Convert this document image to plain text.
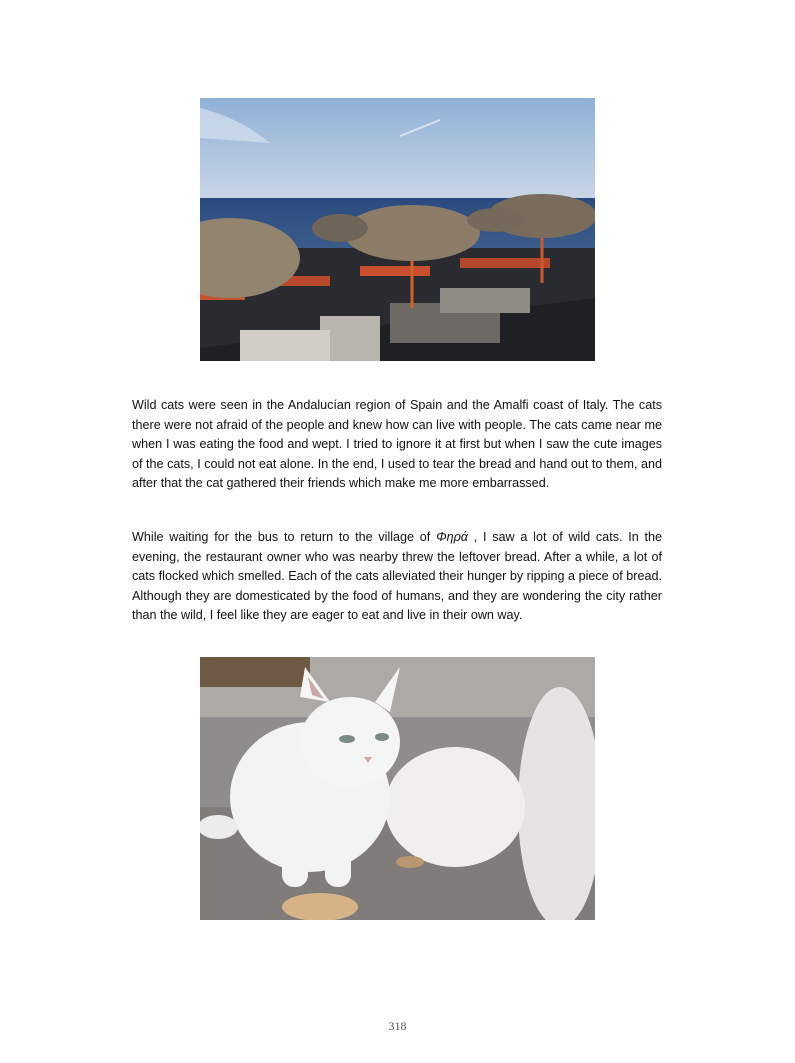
Wild cats were seen in the Andalucían region of Spain and the Amalfi coast of Italy. The cats there were not afraid of the people and knew how can live with people. The cats came near me when I was eating the food and wept. I tried to ignore it at first but when I saw the cute images of the cats, I could not eat alone. In the end, I used to tear the bread and hand out to them, and after that the cat gathered their friends which make me more embarrassed.

While waiting for the bus to return to the village of Φηρά , I saw a lot of wild cats. In the evening, the restaurant owner who was nearby threw the leftover bread. After a while, a lot of cats flocked which smelled. Each of the cats alleviated their hunger by ripping a piece of bread. Although they are domesticated by the food of humans, and they are wondering the city rather than the wild, I feel like they are eager to eat and live in their own way.

318
